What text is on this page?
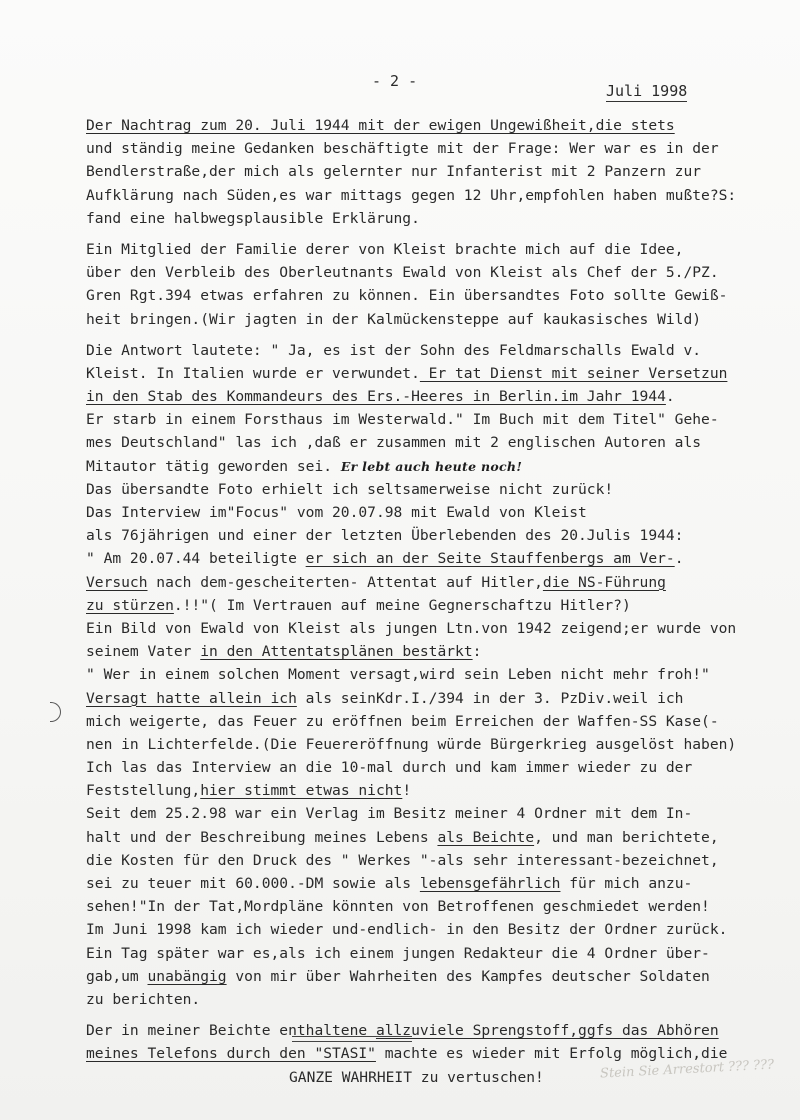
- 2 -
Juli 1998
Der Nachtrag zum 20. Juli 1944 mit der ewigen Ungewißheit,die stets
und ständig meine Gedanken beschäftigte mit der Frage: Wer war es in der
Bendlerstraße,der mich als gelernter nur Infanterist mit 2 Panzern zur
Aufklärung nach Süden,es war mittags gegen 12 Uhr,empfohlen haben mußte?S:
fand eine halbwegsplausible Erklärung.
Ein Mitglied der Familie derer von Kleist brachte mich auf die Idee,
über den Verbleib des Oberleutnants Ewald von Kleist als Chef der 5./PZ.
Gren Rgt.394 etwas erfahren zu können. Ein übersandtes Foto sollte Gewiß-
heit bringen.(Wir jagten in der Kalmückensteppe auf kaukasisches Wild)
Die Antwort lautete: " Ja, es ist der Sohn des Feldmarschalls Ewald v.
Kleist. In Italien wurde er verwundet. Er tat Dienst mit seiner Versetzun
in den Stab des Kommandeurs des Ers.-Heeres in Berlin.im Jahr 1944.
Er starb in einem Forsthaus im Westerwald." Im Buch mit dem Titel" Gehe-
mes Deutschland" las ich ,daß er zusammen mit 2 englischen Autoren als
Mitautor tätig geworden sei. Er lebt auch heute noch!
Das übersandte Foto erhielt ich seltsamerweise nicht zurück!
Das Interview im"Focus" vom 20.07.98 mit Ewald von Kleist
als 76jährigen und einer der letzten Überlebenden des 20.Julis 1944:
" Am 20.07.44 beteiligte er sich an der Seite Stauffenbergs am Ver-.
Versuch nach dem-gescheiterten- Attentat auf Hitler,die NS-Führung
zu stürzen.!!"( Im Vertrauen auf meine Gegnerschaftzu Hitler?)
Ein Bild von Ewald von Kleist als jungen Ltn.von 1942 zeigend;er wurde von
seinem Vater in den Attentatsplänen bestärkt:
" Wer in einem solchen Moment versagt,wird sein Leben nicht mehr froh!"
Versagt hatte allein ich als seinKdr.I./394 in der 3. PzDiv.weil ich
mich weigerte, das Feuer zu eröffnen beim Erreichen der Waffen-SS Kase(-
nen in Lichterfelde.(Die Feuereröffnung würde Bürgerkrieg ausgelöst haben)
Ich las das Interview an die 10-mal durch und kam immer wieder zu der
Feststellung,hier stimmt etwas nicht!
Seit dem 25.2.98 war ein Verlag im Besitz meiner 4 Ordner mit dem In-
halt und der Beschreibung meines Lebens als Beichte, und man berichtete,
die Kosten für den Druck des " Werkes "-als sehr interessant-bezeichnet,
sei zu teuer mit 60.000.-DM sowie als lebensgefährlich für mich anzu-
sehen!"In der Tat,Mordpläne könnten von Betroffenen geschmiedet werden!
Im Juni 1998 kam ich wieder und-endlich- in den Besitz der Ordner zurück.
Ein Tag später war es,als ich einem jungen Redakteur die 4 Ordner über-
gab,um unabängig von mir über Wahrheiten des Kampfes deutscher Soldaten
zu berichten.
Der in meiner Beichte enthaltene allzuviele Sprengstoff,ggfs das Abhören
meines Telefons durch den "STASI" machte es wieder mit Erfolg möglich,die
GANZE WAHRHEIT zu vertuschen!	Stein Sie Arrestort ??? ???
